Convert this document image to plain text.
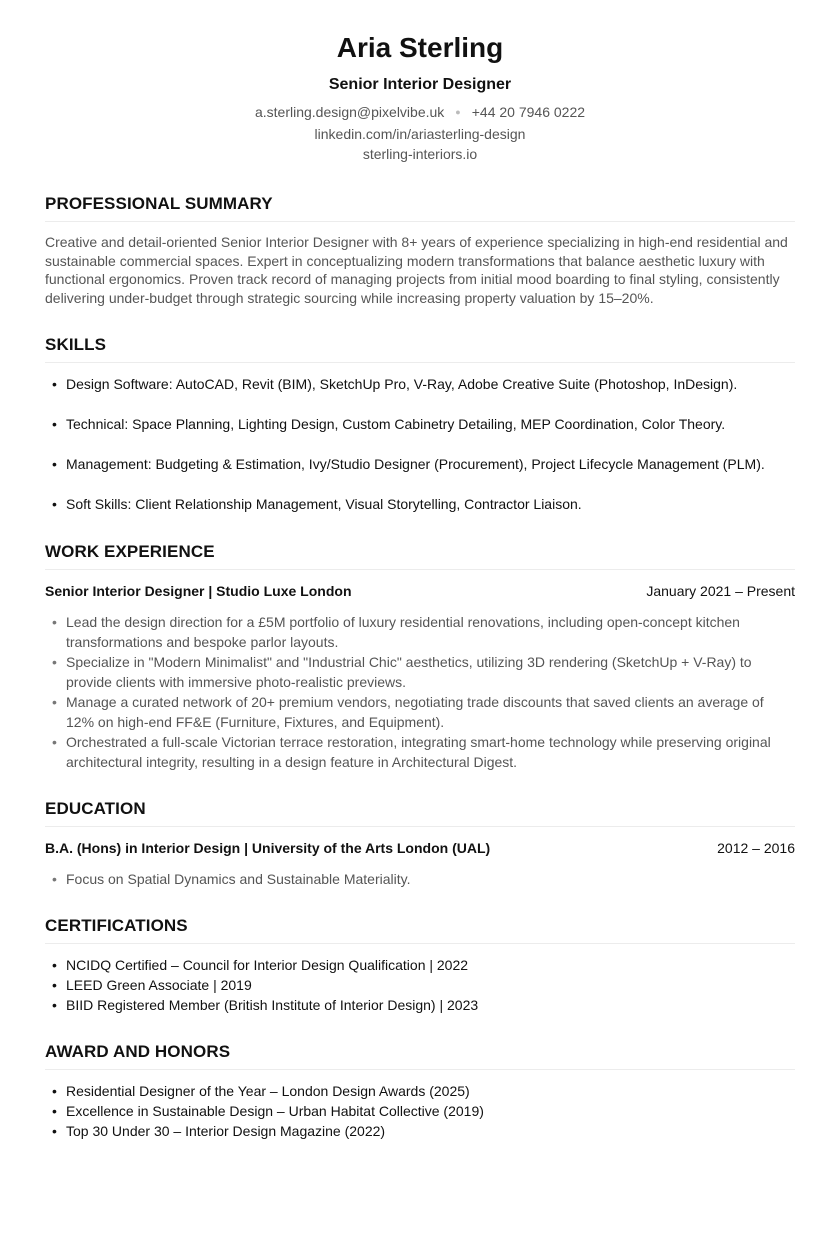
Aria Sterling
Senior Interior Designer
a.sterling.design@pixelvibe.uk ● +44 20 7946 0222
linkedin.com/in/ariasterling-design
sterling-interiors.io
PROFESSIONAL SUMMARY
Creative and detail-oriented Senior Interior Designer with 8+ years of experience specializing in high-end residential and sustainable commercial spaces. Expert in conceptualizing modern transformations that balance aesthetic luxury with functional ergonomics. Proven track record of managing projects from initial mood boarding to final styling, consistently delivering under-budget through strategic sourcing while increasing property valuation by 15–20%.
SKILLS
• Design Software: AutoCAD, Revit (BIM), SketchUp Pro, V-Ray, Adobe Creative Suite (Photoshop, InDesign).
• Technical: Space Planning, Lighting Design, Custom Cabinetry Detailing, MEP Coordination, Color Theory.
• Management: Budgeting & Estimation, Ivy/Studio Designer (Procurement), Project Lifecycle Management (PLM).
• Soft Skills: Client Relationship Management, Visual Storytelling, Contractor Liaison.
WORK EXPERIENCE
Senior Interior Designer | Studio Luxe London	January 2021 – Present
• Lead the design direction for a £5M portfolio of luxury residential renovations, including open-concept kitchen transformations and bespoke parlor layouts.
• Specialize in "Modern Minimalist" and "Industrial Chic" aesthetics, utilizing 3D rendering (SketchUp + V-Ray) to provide clients with immersive photo-realistic previews.
• Manage a curated network of 20+ premium vendors, negotiating trade discounts that saved clients an average of 12% on high-end FF&E (Furniture, Fixtures, and Equipment).
• Orchestrated a full-scale Victorian terrace restoration, integrating smart-home technology while preserving original architectural integrity, resulting in a design feature in Architectural Digest.
EDUCATION
B.A. (Hons) in Interior Design | University of the Arts London (UAL)	2012 – 2016
• Focus on Spatial Dynamics and Sustainable Materiality.
CERTIFICATIONS
• NCIDQ Certified – Council for Interior Design Qualification | 2022
• LEED Green Associate | 2019
• BIID Registered Member (British Institute of Interior Design) | 2023
AWARD AND HONORS
• Residential Designer of the Year – London Design Awards (2025)
• Excellence in Sustainable Design – Urban Habitat Collective (2019)
• Top 30 Under 30 – Interior Design Magazine (2022)
